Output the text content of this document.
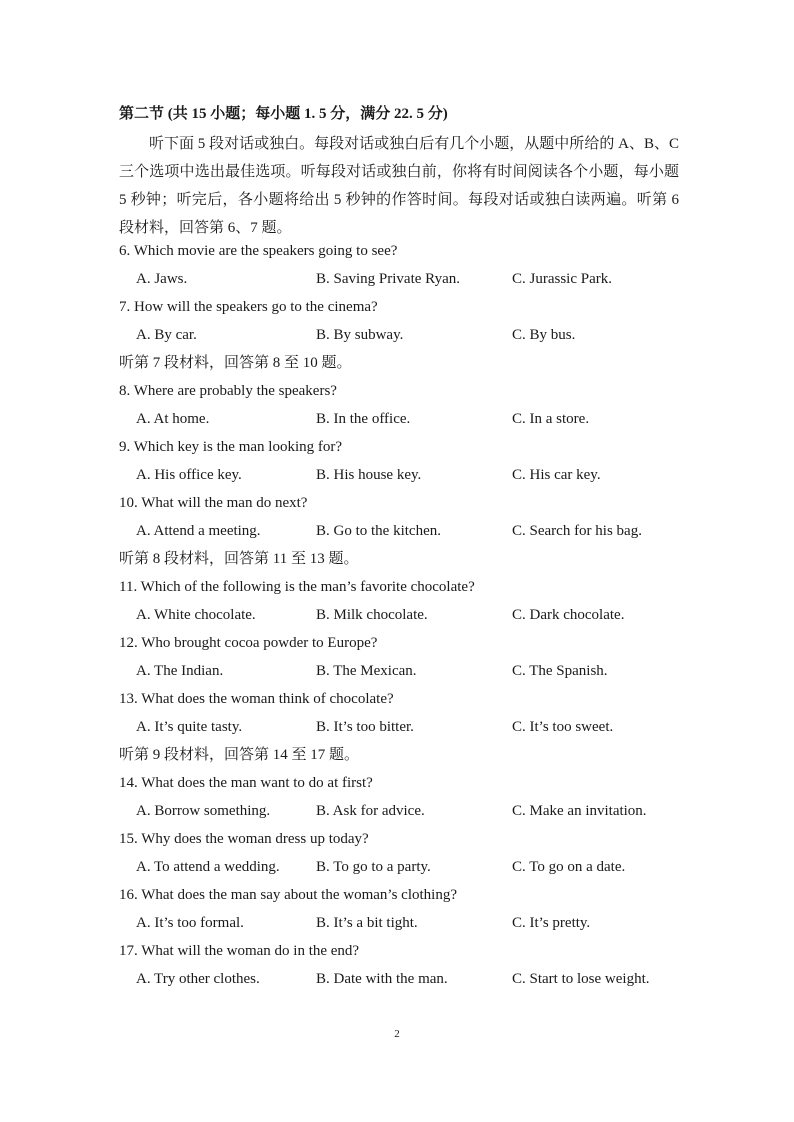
第二节 (共 15 小题；每小题 1. 5 分，满分 22. 5 分)
听下面 5 段对话或独白。每段对话或独白后有几个小题，从题中所给的 A、B、C 三个选项中选出最佳选项。听每段对话或独白前，你将有时间阅读各个小题，每小题 5 秒钟；听完后，各小题将给出 5 秒钟的作答时间。每段对话或独白读两遍。听第 6 段材料，回答第 6、7 题。
6. Which movie are the speakers going to see?
A. Jaws.	B. Saving Private Ryan.	C. Jurassic Park.
7. How will the speakers go to the cinema?
A. By car.	B. By subway.	C. By bus.
听第 7 段材料，回答第 8 至 10 题。
8. Where are probably the speakers?
A. At home.	B. In the office.	C. In a store.
9. Which key is the man looking for?
A. His office key.	B. His house key.	C. His car key.
10. What will the man do next?
A. Attend a meeting.	B. Go to the kitchen.	C. Search for his bag.
听第 8 段材料，回答第 11 至 13 题。
11. Which of the following is the man’s favorite chocolate?
A. White chocolate.	B. Milk chocolate.	C. Dark chocolate.
12. Who brought cocoa powder to Europe?
A. The Indian.	B. The Mexican.	C. The Spanish.
13. What does the woman think of chocolate?
A. It’s quite tasty.	B. It’s too bitter.	C. It’s too sweet.
听第 9 段材料，回答第 14 至 17 题。
14. What does the man want to do at first?
A. Borrow something.	B. Ask for advice.	C. Make an invitation.
15. Why does the woman dress up today?
A. To attend a wedding. B. To go to a party.	C. To go on a date.
16. What does the man say about the woman’s clothing?
A. It’s too formal.	B. It’s a bit tight.	C. It’s pretty.
17. What will the woman do in the end?
A. Try other clothes.	B. Date with the man.	C. Start to lose weight.
2
